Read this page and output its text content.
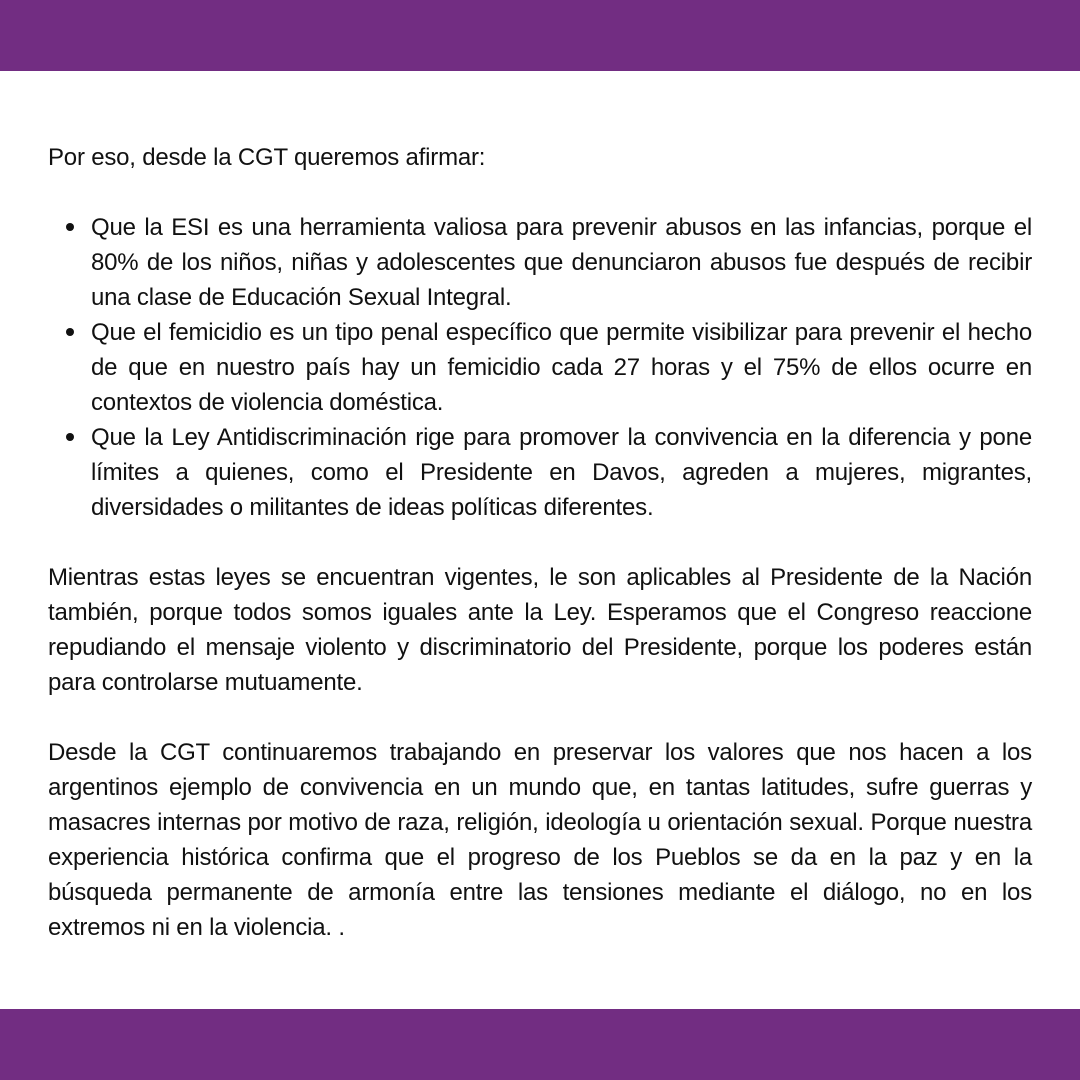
Por eso, desde la CGT queremos afirmar:

Que la ESI es una herramienta valiosa para prevenir abusos en las infancias, porque el 80% de los niños, niñas y adolescentes que denunciaron abusos fue después de recibir una clase de Educación Sexual Integral.
Que el femicidio es un tipo penal específico que permite visibilizar para prevenir el hecho de que en nuestro país hay un femicidio cada 27 horas y el 75% de ellos ocurre en contextos de violencia doméstica.
Que la Ley Antidiscriminación rige para promover la convivencia en la diferencia y pone límites a quienes, como el Presidente en Davos, agreden a mujeres, migrantes, diversidades o militantes de ideas políticas diferentes.

Mientras estas leyes se encuentran vigentes, le son aplicables al Presidente de la Nación también, porque todos somos iguales ante la Ley. Esperamos que el Congreso reaccione repudiando el mensaje violento y discriminatorio del Presidente, porque los poderes están para controlarse mutuamente.

Desde la CGT continuaremos trabajando en preservar los valores que nos hacen a los argentinos ejemplo de convivencia en un mundo que, en tantas latitudes, sufre guerras y masacres internas por motivo de raza, religión, ideología u orientación sexual. Porque nuestra experiencia histórica confirma que el progreso de los Pueblos se da en la paz y en la búsqueda permanente de armonía entre las tensiones mediante el diálogo, no en los extremos ni en la violencia. .
